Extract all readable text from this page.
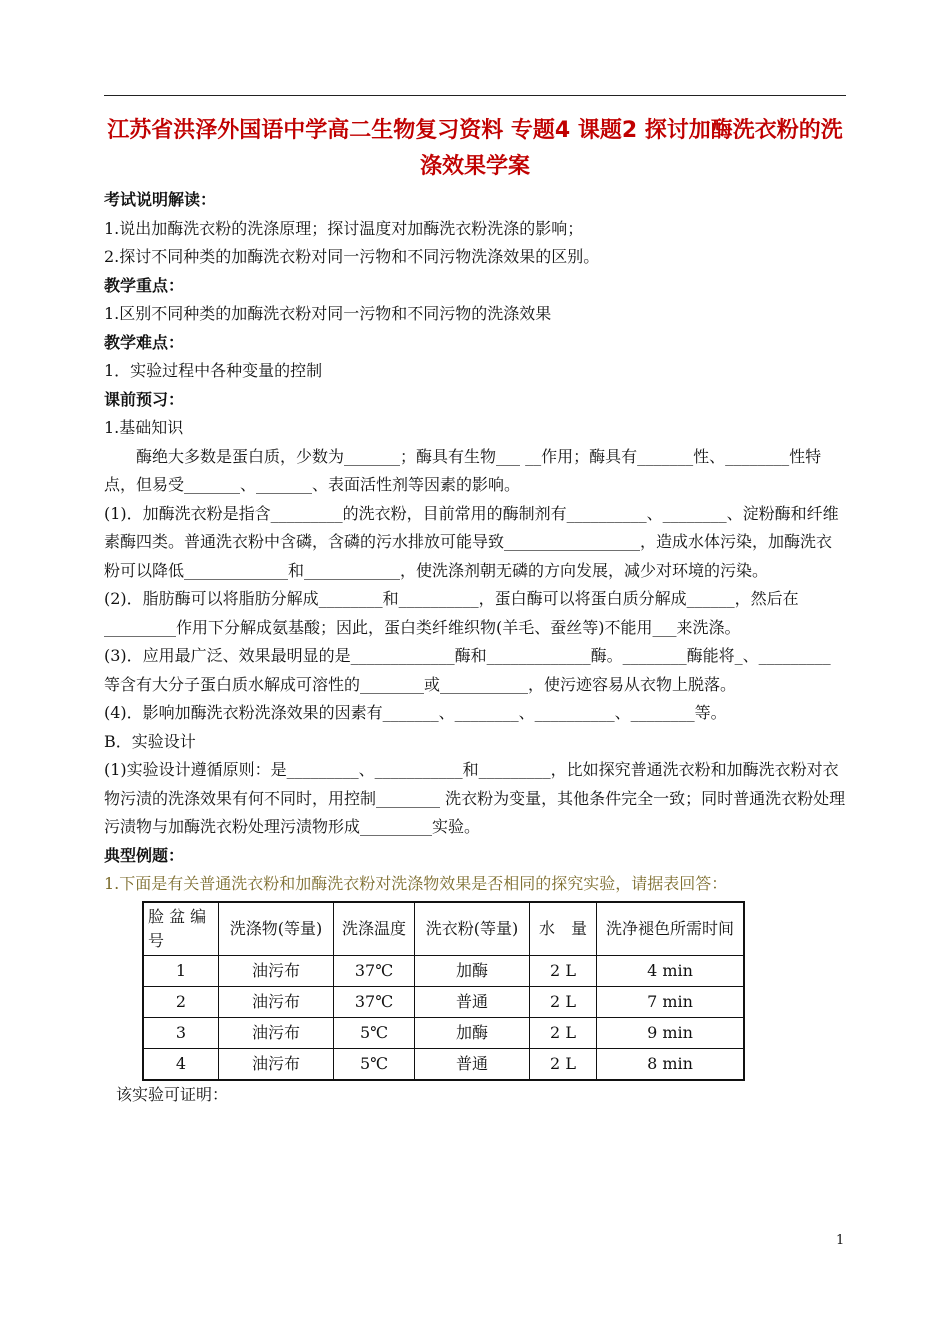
江苏省洪泽外国语中学高二生物复习资料 专题4 课题2 探讨加酶洗衣粉的洗涤效果学案

考试说明解读：

1.说出加酶洗衣粉的洗涤原理；探讨温度对加酶洗衣粉洗涤的影响；

2.探讨不同种类的加酶洗衣粉对同一污物和不同污物洗涤效果的区别。

教学重点：

1.区别不同种类的加酶洗衣粉对同一污物和不同污物的洗涤效果

教学难点：

1．实验过程中各种变量的控制

课前预习：

1.基础知识

酶绝大多数是蛋白质，少数为_______；酶具有生物___ __作用；酶具有_______性、________性特点，但易受_______、_______、表面活性剂等因素的影响。

(1)．加酶洗衣粉是指含_________的洗衣粉，目前常用的酶制剂有__________、________、淀粉酶和纤维素酶四类。普通洗衣粉中含磷，含磷的污水排放可能导致_________________，造成水体污染，加酶洗衣粉可以降低_____________和____________，使洗涤剂朝无磷的方向发展，减少对环境的污染。

(2)．脂肪酶可以将脂肪分解成________和__________，蛋白酶可以将蛋白质分解成______，然后在_________作用下分解成氨基酸；因此，蛋白类纤维织物(羊毛、蚕丝等)不能用___来洗涤。

(3)．应用最广泛、效果最明显的是_____________酶和_____________酶。________酶能将_、_________等含有大分子蛋白质水解成可溶性的________或___________，使污迹容易从衣物上脱落。

(4)．影响加酶洗衣粉洗涤效果的因素有_______、________、__________、________等。

B．实验设计

(1)实验设计遵循原则：是_________、___________和_________，比如探究普通洗衣粉和加酶洗衣粉对衣物污渍的洗涤效果有何不同时，用控制________ 洗衣粉为变量，其他条件完全一致；同时普通洗衣粉处理污渍物与加酶洗衣粉处理污渍物形成_________实验。

典型例题：

1.下面是有关普通洗衣粉和加酶洗衣粉对洗涤物效果是否相同的探究实验，请据表回答：

脸 盆 编号	洗涤物(等量)	洗涤温度	洗衣粉(等量)	水　量	洗净褪色所需时间
1	油污布	37℃	加酶	2 L	4 min
2	油污布	37℃	普通	2 L	7 min
3	油污布	5℃	加酶	2 L	9 min
4	油污布	5℃	普通	2 L	8 min

该实验可证明：

1
